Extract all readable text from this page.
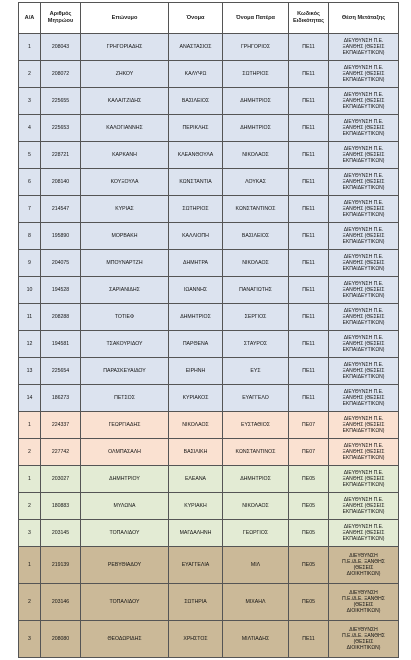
Α/Α	Αριθμός Μητρώου	Επώνυμο	Όνομα	Όνομα Πατέρα	Κωδικός Ειδικότητας	Θέση Μετάταξης
1	208043	ΓΡΗΓΟΡΙΑΔΗΣ	ΑΝΑΣΤΑΣΙΟΣ	ΓΡΗΓΟΡΙΟΣ	ΠΕ11	ΔΙΕΥΘΥΝΣΗ Π.Ε.
ΞΑΝΘΗΣ (ΘΕΣΕΙΣ
ΕΚΠΑΙΔΕΥΤΙΚΩΝ)

2	208072	ΖΗΚΟΥ	ΚΑΛΥΨΩ	ΣΩΤΗΡΙΟΣ	ΠΕ11	ΔΙΕΥΘΥΝΣΗ Π.Ε.
ΞΑΝΘΗΣ (ΘΕΣΕΙΣ
ΕΚΠΑΙΔΕΥΤΙΚΩΝ)

3	225655	ΚΑΛΑΙΤΖΙΔΗΣ	ΒΑΣΙΛΕΙΟΣ	ΔΗΜΗΤΡΙΟΣ	ΠΕ11	ΔΙΕΥΘΥΝΣΗ Π.Ε.
ΞΑΝΘΗΣ (ΘΕΣΕΙΣ
ΕΚΠΑΙΔΕΥΤΙΚΩΝ)

4	225653	ΚΑΛΟΓΙΑΝΝΗΣ	ΠΕΡΙΚΛΗΣ	ΔΗΜΗΤΡΙΟΣ	ΠΕ11	ΔΙΕΥΘΥΝΣΗ Π.Ε.
ΞΑΝΘΗΣ (ΘΕΣΕΙΣ
ΕΚΠΑΙΔΕΥΤΙΚΩΝ)

5	228721	ΚΑΡΚΑΝΗ	ΚΛΕΑΝΘΟΥΛΑ	ΝΙΚΟΛΑΟΣ	ΠΕ11	ΔΙΕΥΘΥΝΣΗ Π.Ε.
ΞΑΝΘΗΣ (ΘΕΣΕΙΣ
ΕΚΠΑΙΔΕΥΤΙΚΩΝ)

6	208140	ΚΟΥΞΟΥΛΑ	ΚΩΝΣΤΑΝΤΙΑ	ΛΟΥΚΑΣ	ΠΕ11	ΔΙΕΥΘΥΝΣΗ Π.Ε.
ΞΑΝΘΗΣ (ΘΕΣΕΙΣ
ΕΚΠΑΙΔΕΥΤΙΚΩΝ)

7	214547	ΚΥΡΙΑΣ	ΣΩΤΗΡΙΟΣ	ΚΩΝΣΤΑΝΤΙΝΟΣ	ΠΕ11	ΔΙΕΥΘΥΝΣΗ Π.Ε.
ΞΑΝΘΗΣ (ΘΕΣΕΙΣ
ΕΚΠΑΙΔΕΥΤΙΚΩΝ)

8	195890	ΜΟΡΒΑΚΗ	ΚΑΛΛΙΟΠΗ	ΒΑΣΙΛΕΙΟΣ	ΠΕ11	ΔΙΕΥΘΥΝΣΗ Π.Ε.
ΞΑΝΘΗΣ (ΘΕΣΕΙΣ
ΕΚΠΑΙΔΕΥΤΙΚΩΝ)

9	204075	ΜΠΟΥΝΑΡΤΖΗ	ΔΗΜΗΤΡΑ	ΝΙΚΟΛΑΟΣ	ΠΕ11	ΔΙΕΥΘΥΝΣΗ Π.Ε.
ΞΑΝΘΗΣ (ΘΕΣΕΙΣ
ΕΚΠΑΙΔΕΥΤΙΚΩΝ)

10	194528	ΣΑΡΙΑΝΙΔΗΣ	ΙΩΑΝΝΗΣ	ΠΑΝΑΓΙΩΤΗΣ	ΠΕ11	ΔΙΕΥΘΥΝΣΗ Π.Ε.
ΞΑΝΘΗΣ (ΘΕΣΕΙΣ
ΕΚΠΑΙΔΕΥΤΙΚΩΝ)

11	208288	ΤΟΤΙΕΦ	ΔΗΜΗΤΡΙΟΣ	ΣΕΡΓΙΟΣ	ΠΕ11	ΔΙΕΥΘΥΝΣΗ Π.Ε.
ΞΑΝΘΗΣ (ΘΕΣΕΙΣ
ΕΚΠΑΙΔΕΥΤΙΚΩΝ)

12	194581	ΤΣΑΚΟΥΡΙΔΟΥ	ΠΑΡΘΕΝΑ	ΣΤΑΥΡΟΣ	ΠΕ11	ΔΙΕΥΘΥΝΣΗ Π.Ε.
ΞΑΝΘΗΣ (ΘΕΣΕΙΣ
ΕΚΠΑΙΔΕΥΤΙΚΩΝ)

13	225654	ΠΑΡΑΣΚΕΥΑΙΔΟΥ	ΕΙΡΗΝΗ	ΕΥΣ	ΠΕ11	ΔΙΕΥΘΥΝΣΗ Π.Ε.
ΞΑΝΘΗΣ (ΘΕΣΕΙΣ
ΕΚΠΑΙΔΕΥΤΙΚΩΝ)

14	186273	ΠΕΤΣΟΣ	ΚΥΡΙΑΚΟΣ	ΕΥΑΓΓΕΛΟ	ΠΕ11	ΔΙΕΥΘΥΝΣΗ Π.Ε.
ΞΑΝΘΗΣ (ΘΕΣΕΙΣ
ΕΚΠΑΙΔΕΥΤΙΚΩΝ)

1	224337	ΓΕΩΡΓΙΑΔΗΣ	ΝΙΚΟΛΑΟΣ	ΕΥΣΤΑΘΙΟΣ	ΠΕ07	ΔΙΕΥΘΥΝΣΗ Π.Ε.
ΞΑΝΘΗΣ (ΘΕΣΕΙΣ
ΕΚΠΑΙΔΕΥΤΙΚΩΝ)

2	227742	ΟΛΜΠΑΣΑΛΗ	ΒΑΣΙΛΙΚΗ	ΚΩΝΣΤΑΝΤΙΝΟΣ	ΠΕ07	ΔΙΕΥΘΥΝΣΗ Π.Ε.
ΞΑΝΘΗΣ (ΘΕΣΕΙΣ
ΕΚΠΑΙΔΕΥΤΙΚΩΝ)

1	203027	ΔΗΜΗΤΡΙΟΥ	ΕΛΕΑΝΑ	ΔΗΜΗΤΡΙΟΣ	ΠΕ05	ΔΙΕΥΘΥΝΣΗ Π.Ε.
ΞΑΝΘΗΣ (ΘΕΣΕΙΣ
ΕΚΠΑΙΔΕΥΤΙΚΩΝ)

2	180883	ΜΥΛΩΝΑ	ΚΥΡΙΑΚΗ	ΝΙΚΟΛΑΟΣ	ΠΕ05	ΔΙΕΥΘΥΝΣΗ Π.Ε.
ΞΑΝΘΗΣ (ΘΕΣΕΙΣ
ΕΚΠΑΙΔΕΥΤΙΚΩΝ)

3	203145	ΤΟΠΑΛΙΔΟΥ	ΜΑΓΔΑΛΗΝΗ	ΓΕΩΡΓΙΟΣ	ΠΕ05	ΔΙΕΥΘΥΝΣΗ Π.Ε.
ΞΑΝΘΗΣ (ΘΕΣΕΙΣ
ΕΚΠΑΙΔΕΥΤΙΚΩΝ)

1	219139	ΡΕΒΥΘΙΑΔΟΥ	ΕΥΑΓΓΕΛΙΑ	ΜΙΛ	ΠΕ05	ΔΙΕΥΘΥΝΣΗ
Π.Ε./Δ.Ε. ΞΑΝΘΗΣ
(ΘΕΣΕΙΣ
ΔΙΟΙΚΗΤΙΚΩΝ)

2	203146	ΤΟΠΑΛΙΔΟΥ	ΣΩΤΗΡΙΑ	ΜΙΧΑΗΛ	ΠΕ05	ΔΙΕΥΘΥΝΣΗ
Π.Ε./Δ.Ε. ΞΑΝΘΗΣ
(ΘΕΣΕΙΣ
ΔΙΟΙΚΗΤΙΚΩΝ)

3	208080	ΘΕΟΔΩΡΙΔΗΣ	ΧΡΗΣΤΟΣ	ΜΙΛΤΙΑΔΗΣ	ΠΕ11	ΔΙΕΥΘΥΝΣΗ
Π.Ε./Δ.Ε. ΞΑΝΘΗΣ
(ΘΕΣΕΙΣ
ΔΙΟΙΚΗΤΙΚΩΝ)
